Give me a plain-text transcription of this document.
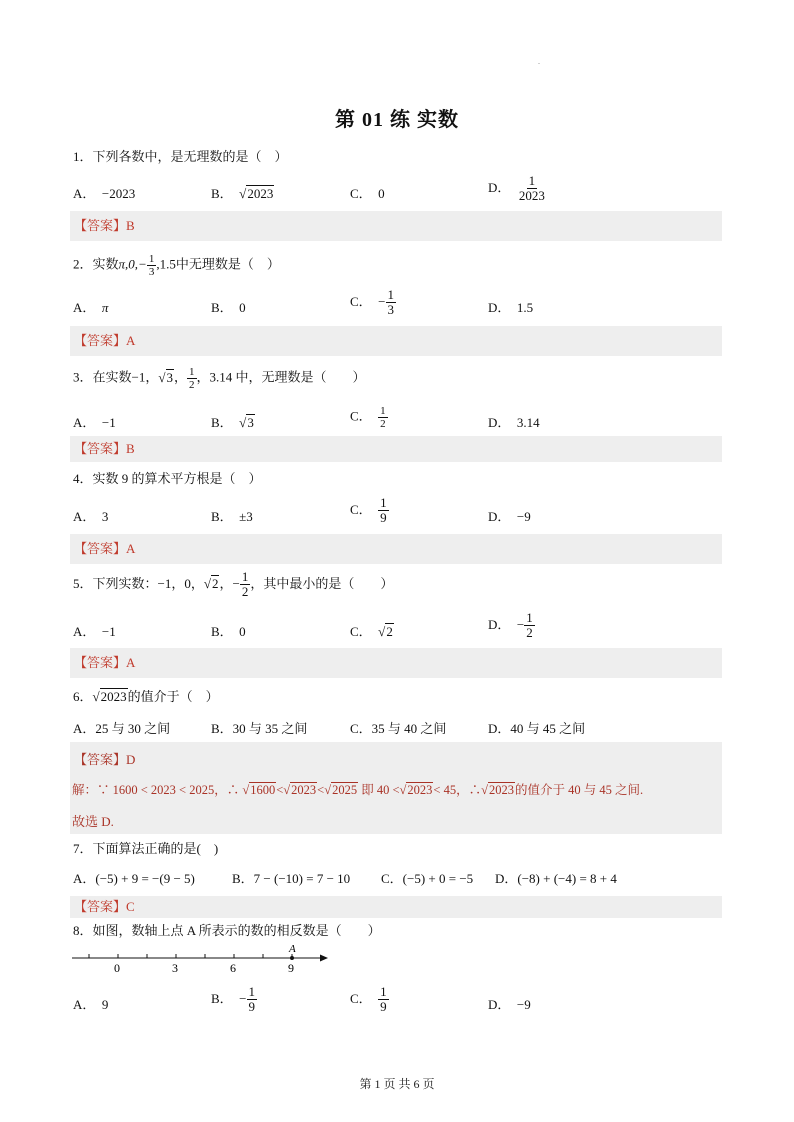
.
第 01 练 实数
1．下列各数中，是无理数的是（　）
A． −2023	B． √2023	C． 0	D． $\frac{1}{2023}$
【答案】B
2．实数$\pi,0,- \frac{1}{3} ,1.5$中无理数是（　）
A． π	B． 0	C． − $\frac{1}{3}$	D． 1.5
【答案】A
3．在实数−1，√3， $\frac{1}{2}$ ，3.14 中，无理数是（　　）
A． −1	B． √3	C． $\frac{1}{2}$	D． 3.14
【答案】B
4．实数 9 的算术平方根是（　）
A． 3	B． ±3	C． $\frac{1}{9}$	D． −9
【答案】A
5．下列实数：−1，0，√2，− $\frac{1}{2}$ ，其中最小的是（　　）
A． −1	B． 0	C． √2	D． − $\frac{1}{2}$
【答案】A
6．√2023的值介于（　）
A．25 与 30 之间	B．30 与 35 之间	C．35 与 40 之间	D．40 与 45 之间
【答案】D
解：∵ 1600 < 2023 < 2025，∴ √1600<√2023<√2025 即 40 <√2023< 45，∴√2023的值介于 40 与 45 之间.
故选 D.
7．下面算法正确的是(　)
A．(−5) + 9 = −(9 − 5)	B．7 − (−10) = 7 − 10 C．(−5) + 0 = −5 D．(−8) + (−4) = 8 + 4
【答案】C
8．如图，数轴上点 A 所表示的数的相反数是（　　）
A
0	3	6	9
A． 9	B． − $\frac{1}{9}$	C． $\frac{1}{9}$	D． −9
第 1 页 共 6 页
